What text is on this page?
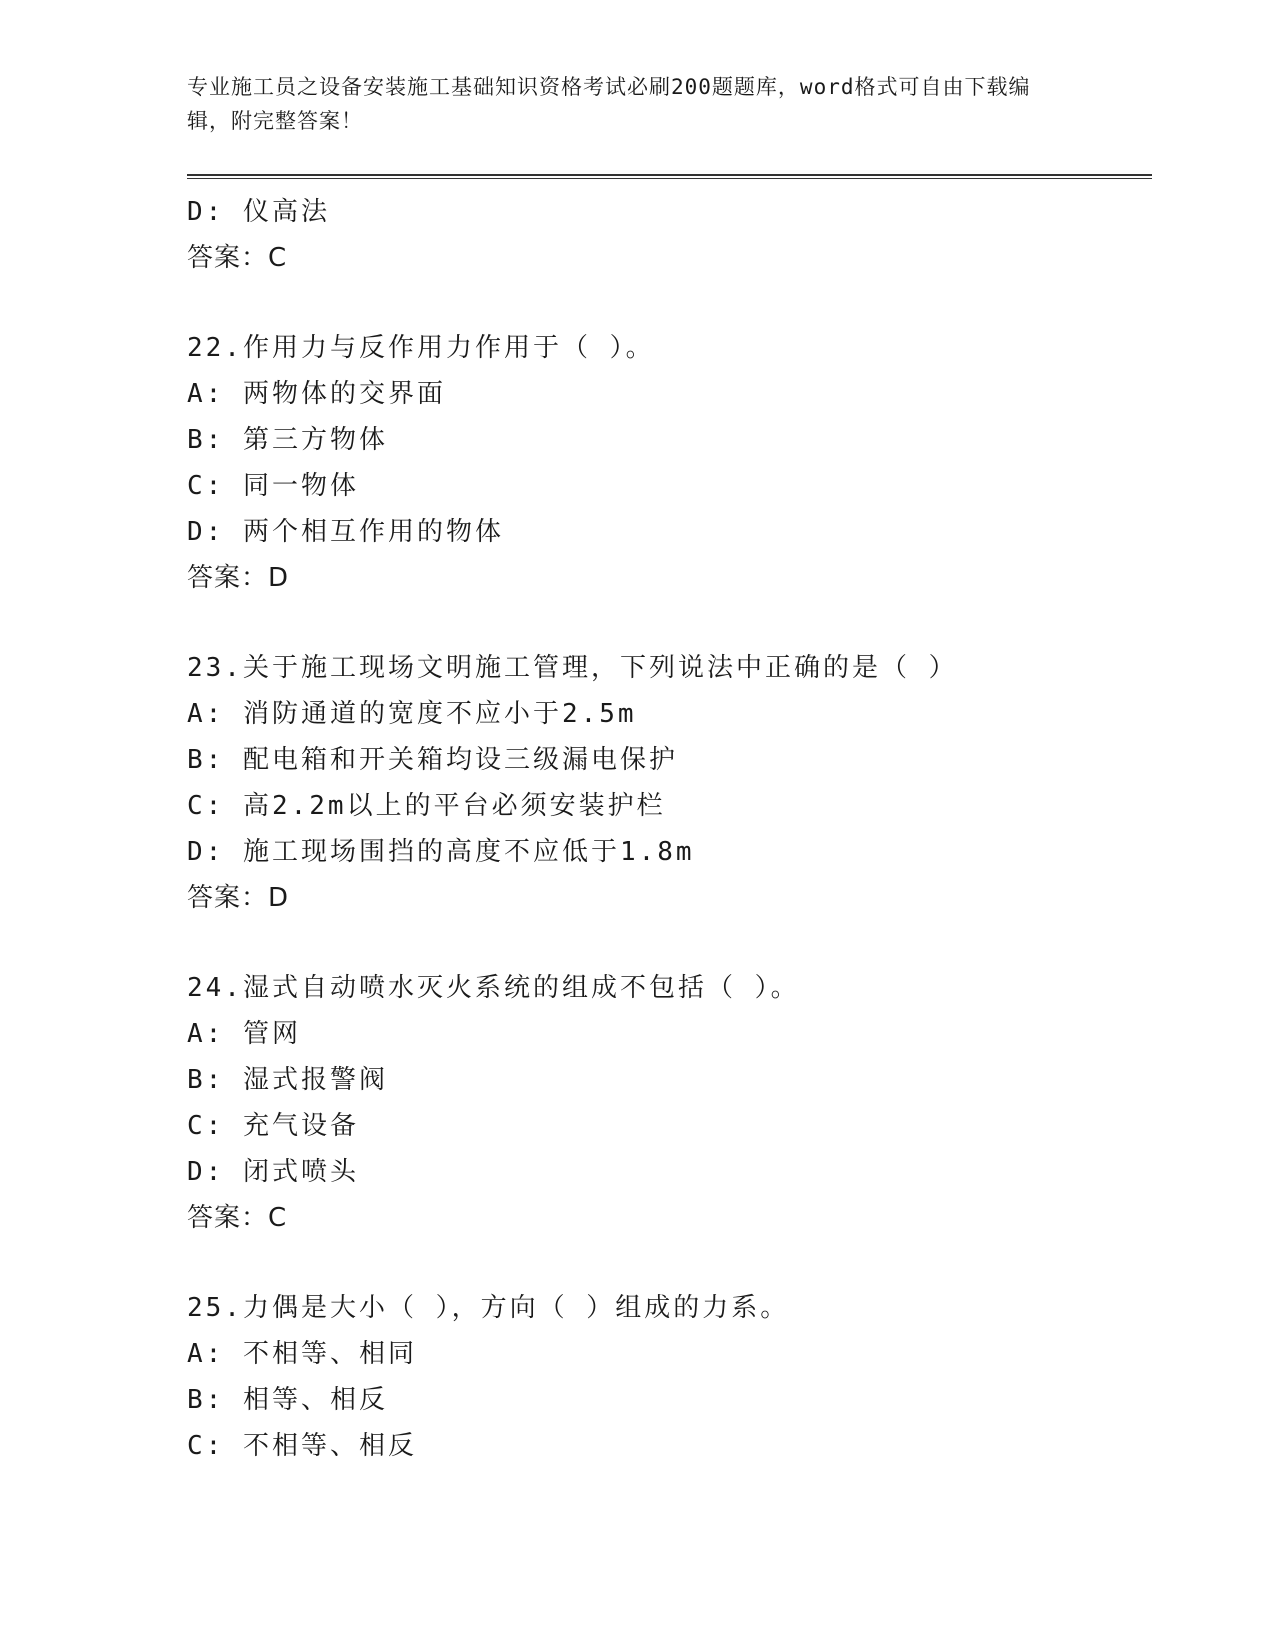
专业施工员之设备安装施工基础知识资格考试必刷200题题库，word格式可自由下载编辑，附完整答案！

D: 仪高法
答案：C
22.作用力与反作用力作用于（ ）。
A: 两物体的交界面
B: 第三方物体
C: 同一物体
D: 两个相互作用的物体
答案：D
23.关于施工现场文明施工管理，下列说法中正确的是（ ）
A: 消防通道的宽度不应小于2.5m
B: 配电箱和开关箱均设三级漏电保护
C: 高2.2m以上的平台必须安装护栏
D: 施工现场围挡的高度不应低于1.8m
答案：D
24.湿式自动喷水灭火系统的组成不包括（ ）。
A: 管网
B: 湿式报警阀
C: 充气设备
D: 闭式喷头
答案：C
25.力偶是大小（ ），方向（ ）组成的力系。
A: 不相等、相同
B: 相等、相反
C: 不相等、相反
